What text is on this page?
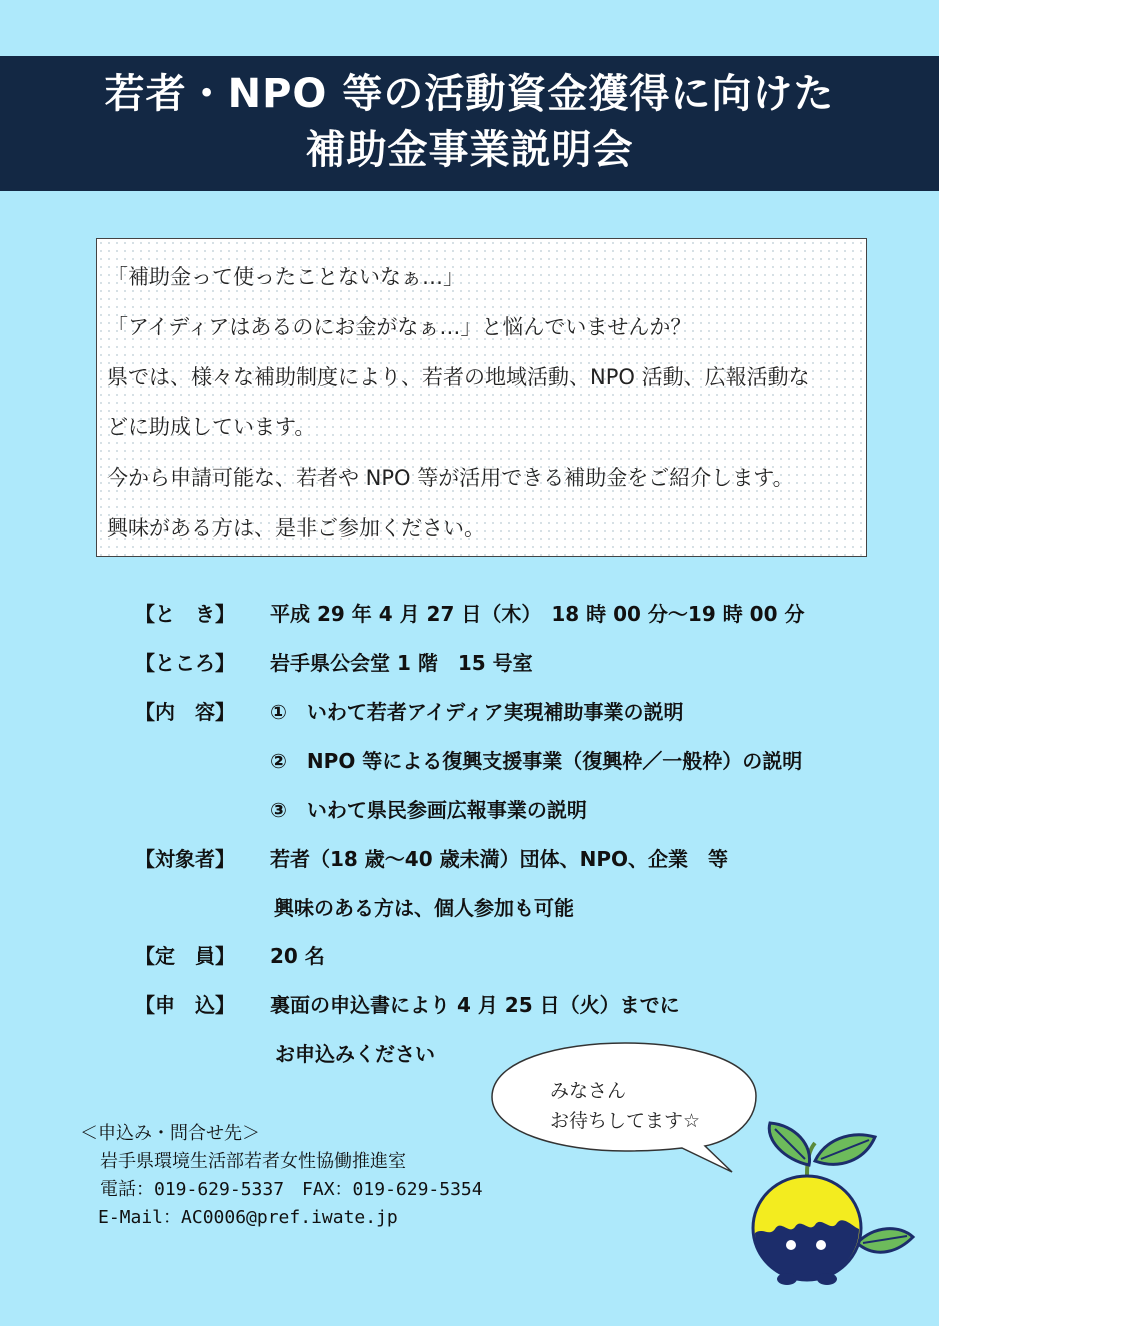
若者・NPO 等の活動資金獲得に向けた
補助金事業説明会

「補助金って使ったことないなぁ…」

「アイディアはあるのにお金がなぁ…」と悩んでいませんか？

県では、様々な補助制度により、若者の地域活動、NPO 活動、広報活動な

どに助成しています。

今から申請可能な、若者や NPO 等が活用できる補助金をご紹介します。

興味がある方は、是非ご参加ください。

【と　き】 平成 29 年 4 月 27 日（木）　18 時 00 分～19 時 00 分
【ところ】 岩手県公会堂 1 階　15 号室
【内　容】 ①　いわて若者アイディア実現補助事業の説明
②　NPO 等による復興支援事業（復興枠／一般枠）の説明
③　いわて県民参画広報事業の説明
【対象者】 若者（18 歳～40 歳未満）団体、NPO、企業　等
興味のある方は、個人参加も可能
【定　員】 20 名
【申　込】 裏面の申込書により 4 月 25 日（火）までに
お申込みください
みなさん
お待ちしてます☆
＜申込み・問合せ先＞
岩手県環境生活部若者女性協働推進室
電話：019-629-5337　FAX：019-629-5354
E-Mail：AC0006@pref.iwate.jp
